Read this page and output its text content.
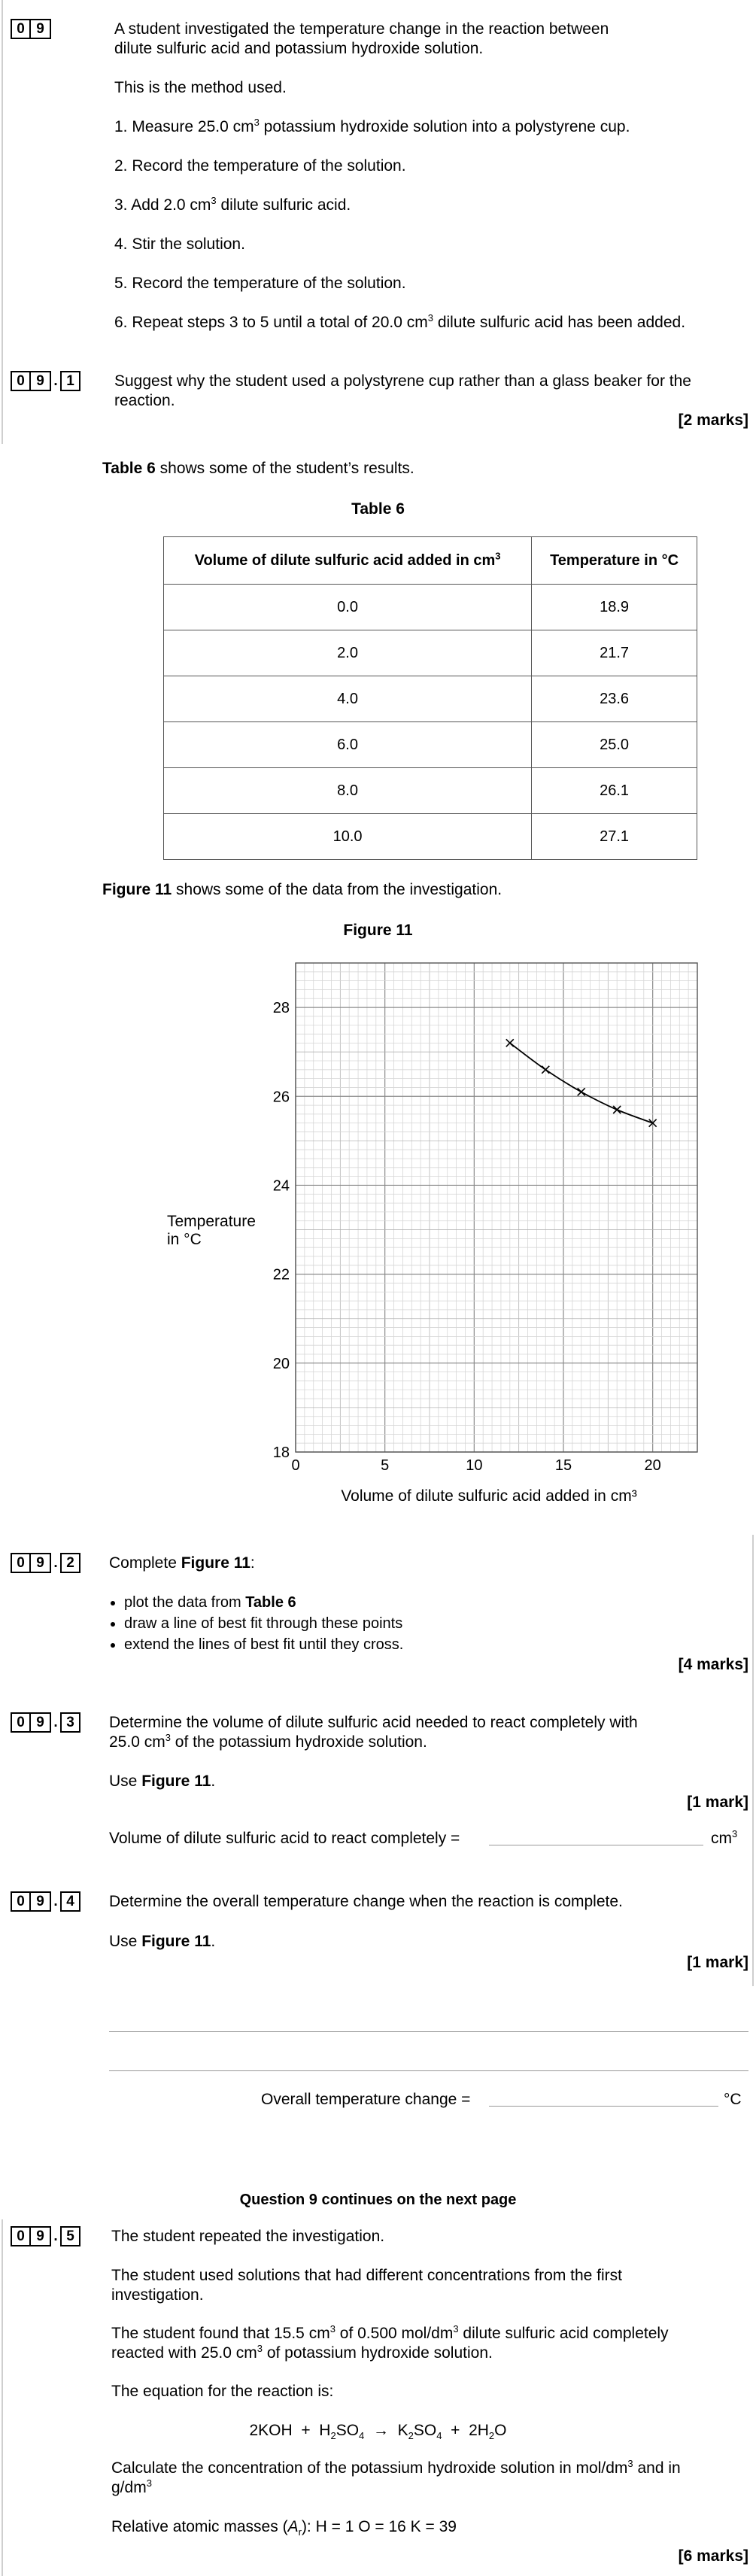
0 9	A student investigated the temperature change in the reaction between
dilute sulfuric acid and potassium hydroxide solution.
This is the method used.
1. Measure 25.0 $cm^3$ potassium hydroxide solution into a polystyrene cup.
2. Record the temperature of the solution.
3. Add 2.0 $cm^3$ dilute sulfuric acid.
4. Stir the solution.
5. Record the temperature of the solution.
6. Repeat steps 3 to 5 until a total of 20.0 $cm^3$ dilute sulfuric acid has been added.
0 9 . 1	Suggest why the student used a polystyrene cup rather than a glass beaker for the
reaction.
[2 marks]
Table 6 shows some of the student’s results.
Table 6
Volume of dilute sulfuric acid added in $cm^3$	Temperature in °C
0.0	18.9
2.0	21.7
4.0	23.6
6.0	25.0
8.0	26.1
10.0	27.1
Figure 11 shows some of the data from the investigation.
Figure 11
18
20
22
24
26
28
0	5	10	15	20
Temperature
in °C
Volume of dilute sulfuric acid added in cm³
0 9 . 2	Complete Figure 11:
• plot the data from Table 6
• draw a line of best fit through these points
• extend the lines of best fit until they cross.
[4 marks]
0 9 . 3	Determine the volume of dilute sulfuric acid needed to react completely with
25.0 $cm^3$ of the potassium hydroxide solution.
Use Figure 11.
[1 mark]
Volume of dilute sulfuric acid to react completely =	$cm^3$
0 9 . 4	Determine the overall temperature change when the reaction is complete.
Use Figure 11.
[1 mark]
Overall temperature change =	°C
Question 9 continues on the next page
0 9 . 5	The student repeated the investigation.
The student used solutions that had different concentrations from the first
investigation.
The student found that 15.5 $cm^3$ of 0.500 mol/$dm^3$ dilute sulfuric acid completely
reacted with 25.0 $cm^3$ of potassium hydroxide solution.
The equation for the reaction is:
$2KOH + H_2SO_4 \to K_2SO_4 + 2H_2O$
Calculate the concentration of the potassium hydroxide solution in mol/$dm^3$ and in
$g/dm^3$
Relative atomic masses $(A_r)$: H = 1 O = 16 K = 39
[6 marks]
